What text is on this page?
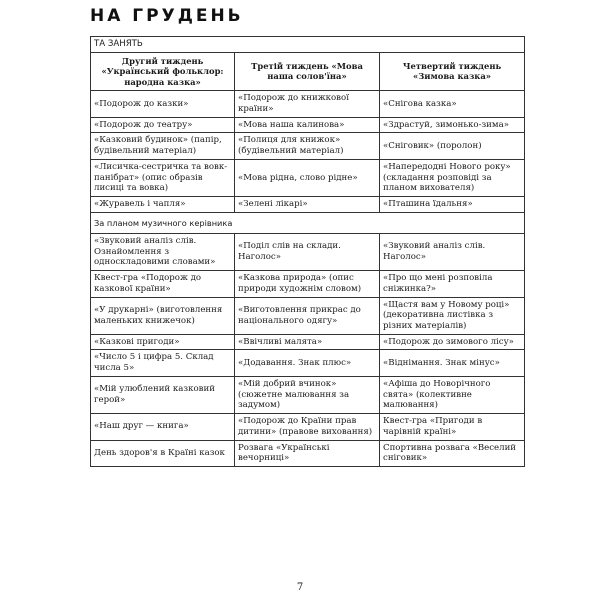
НА ГРУДЕНЬ
ТА ЗАНЯТЬ		
Другий тиждень «Український фольклор: народна казка»	Третій тиждень «Мова наша солов'їна»	Четвертий тиждень «Зимова казка»
«Подорож до казки»	«Подорож до книжкової країни»	«Снігова казка»
«Подорож до театру»	«Мова наша калинова»	«Здрастуй, зимонько-зима»
«Казковий будинок» (папір, будівельний матеріал)	«Полиця для книжок» (будівельний матеріал)	«Сніговик» (поролон)
«Лисичка-сестричка та вовк-панібрат» (опис образів лисиці та вовка)	«Мова рідна, слово рідне»	«Напередодні Нового року» (складання розповіді за планом вихователя)
«Журавель і чапля»	«Зелені лікарі»	«Пташина їдальня»
За планом музичного керівника		
«Звуковий аналіз слів. Ознайомлення з односкладовими словами»	«Поділ слів на склади. Наголос»	«Звуковий аналіз слів. Наголос»
Квест-гра «Подорож до казкової країни»	«Казкова природа» (опис природи художнім словом)	«Про що мені розповіла сніжинка?»
«У друкарні» (виготовлення маленьких книжечок)	«Виготовлення прикрас до національного одягу»	«Щастя вам у Новому році» (декоративна листівка з різних матеріалів)
«Казкові пригоди»	«Ввічливі малята»	«Подорож до зимового лісу»
«Число 5 і цифра 5. Склад числа 5»	«Додавання. Знак плюс»	«Віднімання. Знак мінус»
«Мій улюблений казковий герой»	«Мій добрий вчинок» (сюжетне малювання за задумом)	«Афіша до Новорічного свята» (колективне малювання)
«Наш друг — книга»	«Подорож до Країни прав дитини» (правове виховання)	Квест-гра «Пригоди в чарівній країні»
День здоров'я в Країні казок	Розвага «Українські вечорниці»	Спортивна розвага «Веселий сніговик»
7
